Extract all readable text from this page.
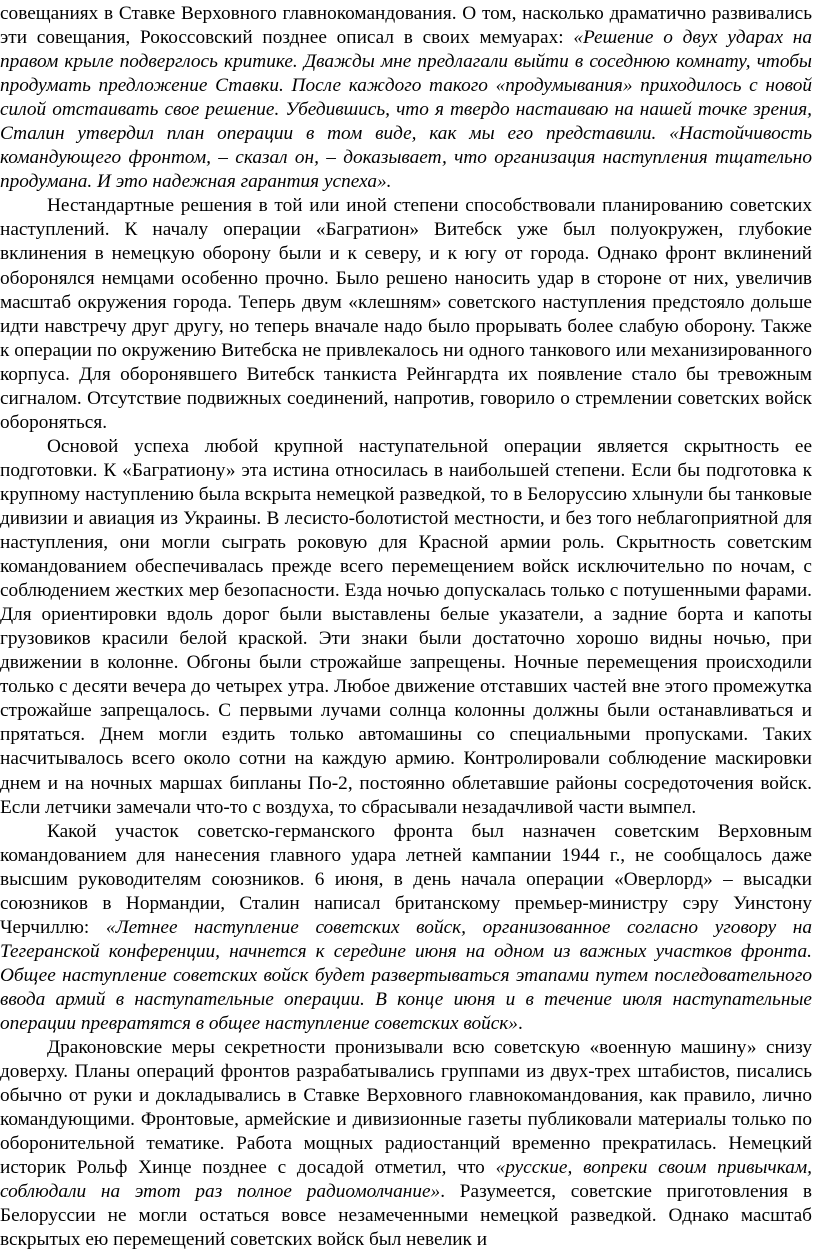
совещаниях в Ставке Верховного главнокомандования. О том, насколько драматично развивались эти совещания, Рокоссовский позднее описал в своих мемуарах: «Решение о двух ударах на правом крыле подверглось критике. Дважды мне предлагали выйти в соседнюю комнату, чтобы продумать предложение Ставки. После каждого такого «продумывания» приходилось с новой силой отстаивать свое решение. Убедившись, что я твердо настаиваю на нашей точке зрения, Сталин утвердил план операции в том виде, как мы его представили. «Настойчивость командующего фронтом, – сказал он, – доказывает, что организация наступления тщательно продумана. И это надежная гарантия успеха».

Нестандартные решения в той или иной степени способствовали планированию советских наступлений. К началу операции «Багратион» Витебск уже был полуокружен, глубокие вклинения в немецкую оборону были и к северу, и к югу от города. Однако фронт вклинений оборонялся немцами особенно прочно. Было решено наносить удар в стороне от них, увеличив масштаб окружения города. Теперь двум «клешням» советского наступления предстояло дольше идти навстречу друг другу, но теперь вначале надо было прорывать более слабую оборону. Также к операции по окружению Витебска не привлекалось ни одного танкового или механизированного корпуса. Для оборонявшего Витебск танкиста Рейнгардта их появление стало бы тревожным сигналом. Отсутствие подвижных соединений, напротив, говорило о стремлении советских войск обороняться.

Основой успеха любой крупной наступательной операции является скрытность ее подготовки. К «Багратиону» эта истина относилась в наибольшей степени. Если бы подготовка к крупному наступлению была вскрыта немецкой разведкой, то в Белоруссию хлынули бы танковые дивизии и авиация из Украины. В лесисто-болотистой местности, и без того неблагоприятной для наступления, они могли сыграть роковую для Красной армии роль. Скрытность советским командованием обеспечивалась прежде всего перемещением войск исключительно по ночам, с соблюдением жестких мер безопасности. Езда ночью допускалась только с потушенными фарами. Для ориентировки вдоль дорог были выставлены белые указатели, а задние борта и капоты грузовиков красили белой краской. Эти знаки были достаточно хорошо видны ночью, при движении в колонне. Обгоны были строжайше запрещены. Ночные перемещения происходили только с десяти вечера до четырех утра. Любое движение отставших частей вне этого промежутка строжайше запрещалось. С первыми лучами солнца колонны должны были останавливаться и прятаться. Днем могли ездить только автомашины со специальными пропусками. Таких насчитывалось всего около сотни на каждую армию. Контролировали соблюдение маскировки днем и на ночных маршах бипланы По-2, постоянно облетавшие районы сосредоточения войск. Если летчики замечали что-то с воздуха, то сбрасывали незадачливой части вымпел.

Какой участок советско-германского фронта был назначен советским Верховным командованием для нанесения главного удара летней кампании 1944 г., не сообщалось даже высшим руководителям союзников. 6 июня, в день начала операции «Оверлорд» – высадки союзников в Нормандии, Сталин написал британскому премьер-министру сэру Уинстону Черчиллю: «Летнее наступление советских войск, организованное согласно уговору на Тегеранской конференции, начнется к середине июня на одном из важных участков фронта. Общее наступление советских войск будет развертываться этапами путем последовательного ввода армий в наступательные операции. В конце июня и в течение июля наступательные операции превратятся в общее наступление советских войск».

Драконовские меры секретности пронизывали всю советскую «военную машину» снизу доверху. Планы операций фронтов разрабатывались группами из двух-трех штабистов, писались обычно от руки и докладывались в Ставке Верховного главнокомандования, как правило, лично командующими. Фронтовые, армейские и дивизионные газеты публиковали материалы только по оборонительной тематике. Работа мощных радиостанций временно прекратилась. Немецкий историк Рольф Хинце позднее с досадой отметил, что «русские, вопреки своим привычкам, соблюдали на этот раз полное радиомолчание». Разумеется, советские приготовления в Белоруссии не могли остаться вовсе незамеченными немецкой разведкой. Однако масштаб вскрытых ею перемещений советских войск был невелик и
